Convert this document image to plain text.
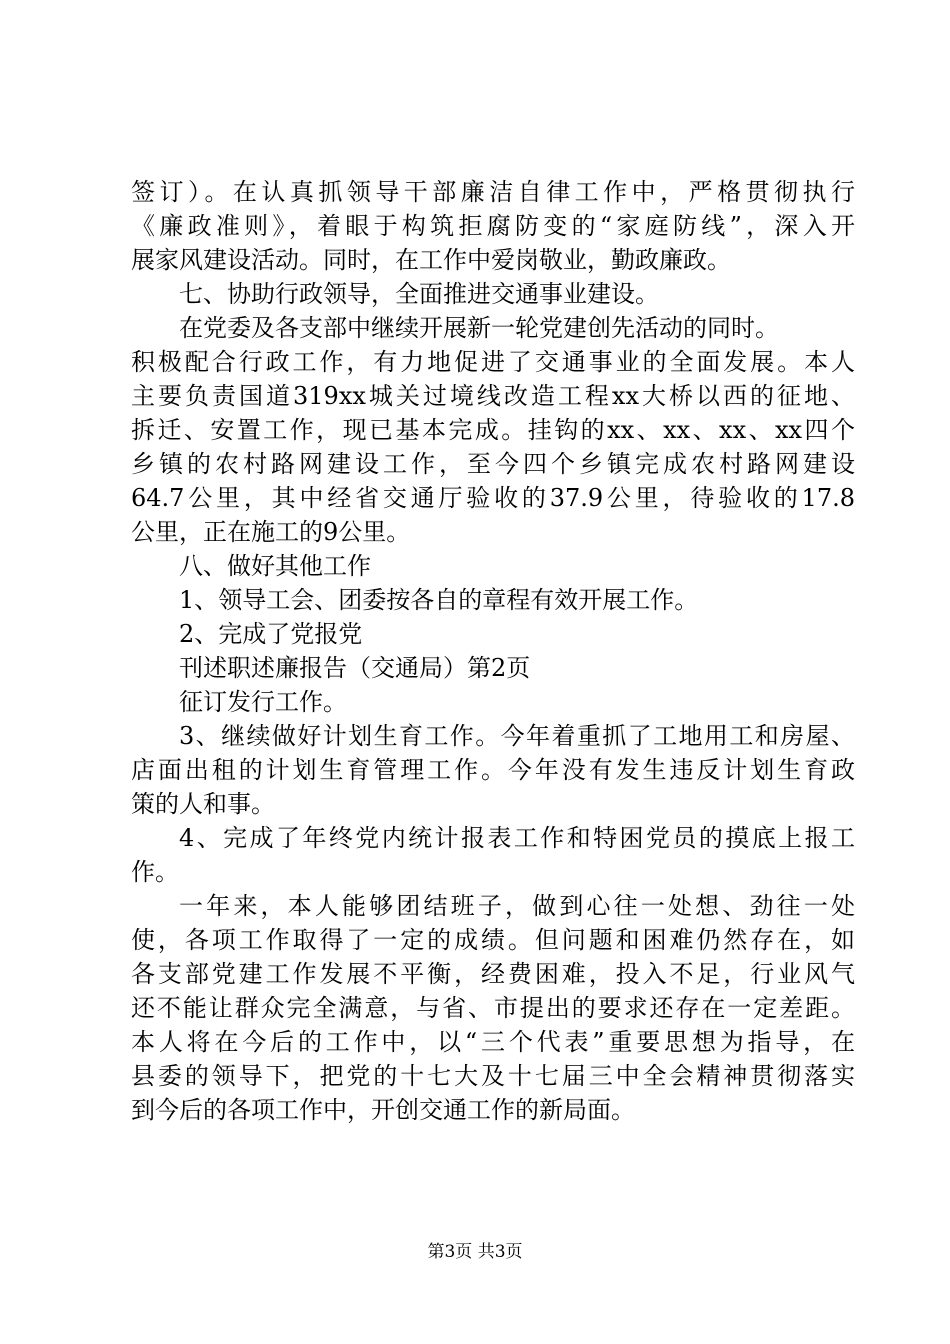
签订）。在认真抓领导干部廉洁自律工作中，严格贯彻执行

《廉政准则》，着眼于构筑拒腐防变的“家庭防线”，深入开

展家风建设活动。同时，在工作中爱岗敬业，勤政廉政。

七、协助行政领导，全面推进交通事业建设。

在党委及各支部中继续开展新一轮党建创先活动的同时。

积极配合行政工作，有力地促进了交通事业的全面发展。本人

主要负责国道319xx城关过境线改造工程xx大桥以西的征地、

拆迁、安置工作，现已基本完成。挂钩的xx、xx、xx、xx四个

乡镇的农村路网建设工作，至今四个乡镇完成农村路网建设

64.7公里，其中经省交通厅验收的37.9公里，待验收的17.8

公里，正在施工的9公里。

八、做好其他工作

1、领导工会、团委按各自的章程有效开展工作。

2、完成了党报党

刊述职述廉报告（交通局）第2页

征订发行工作。

3、继续做好计划生育工作。今年着重抓了工地用工和房屋、

店面出租的计划生育管理工作。今年没有发生违反计划生育政

策的人和事。

4、完成了年终党内统计报表工作和特困党员的摸底上报工

作。

一年来，本人能够团结班子，做到心往一处想、劲往一处

使，各项工作取得了一定的成绩。但问题和困难仍然存在，如

各支部党建工作发展不平衡，经费困难，投入不足，行业风气

还不能让群众完全满意，与省、市提出的要求还存在一定差距。

本人将在今后的工作中，以“三个代表”重要思想为指导，在

县委的领导下，把党的十七大及十七届三中全会精神贯彻落实

到今后的各项工作中，开创交通工作的新局面。

第3页 共3页
